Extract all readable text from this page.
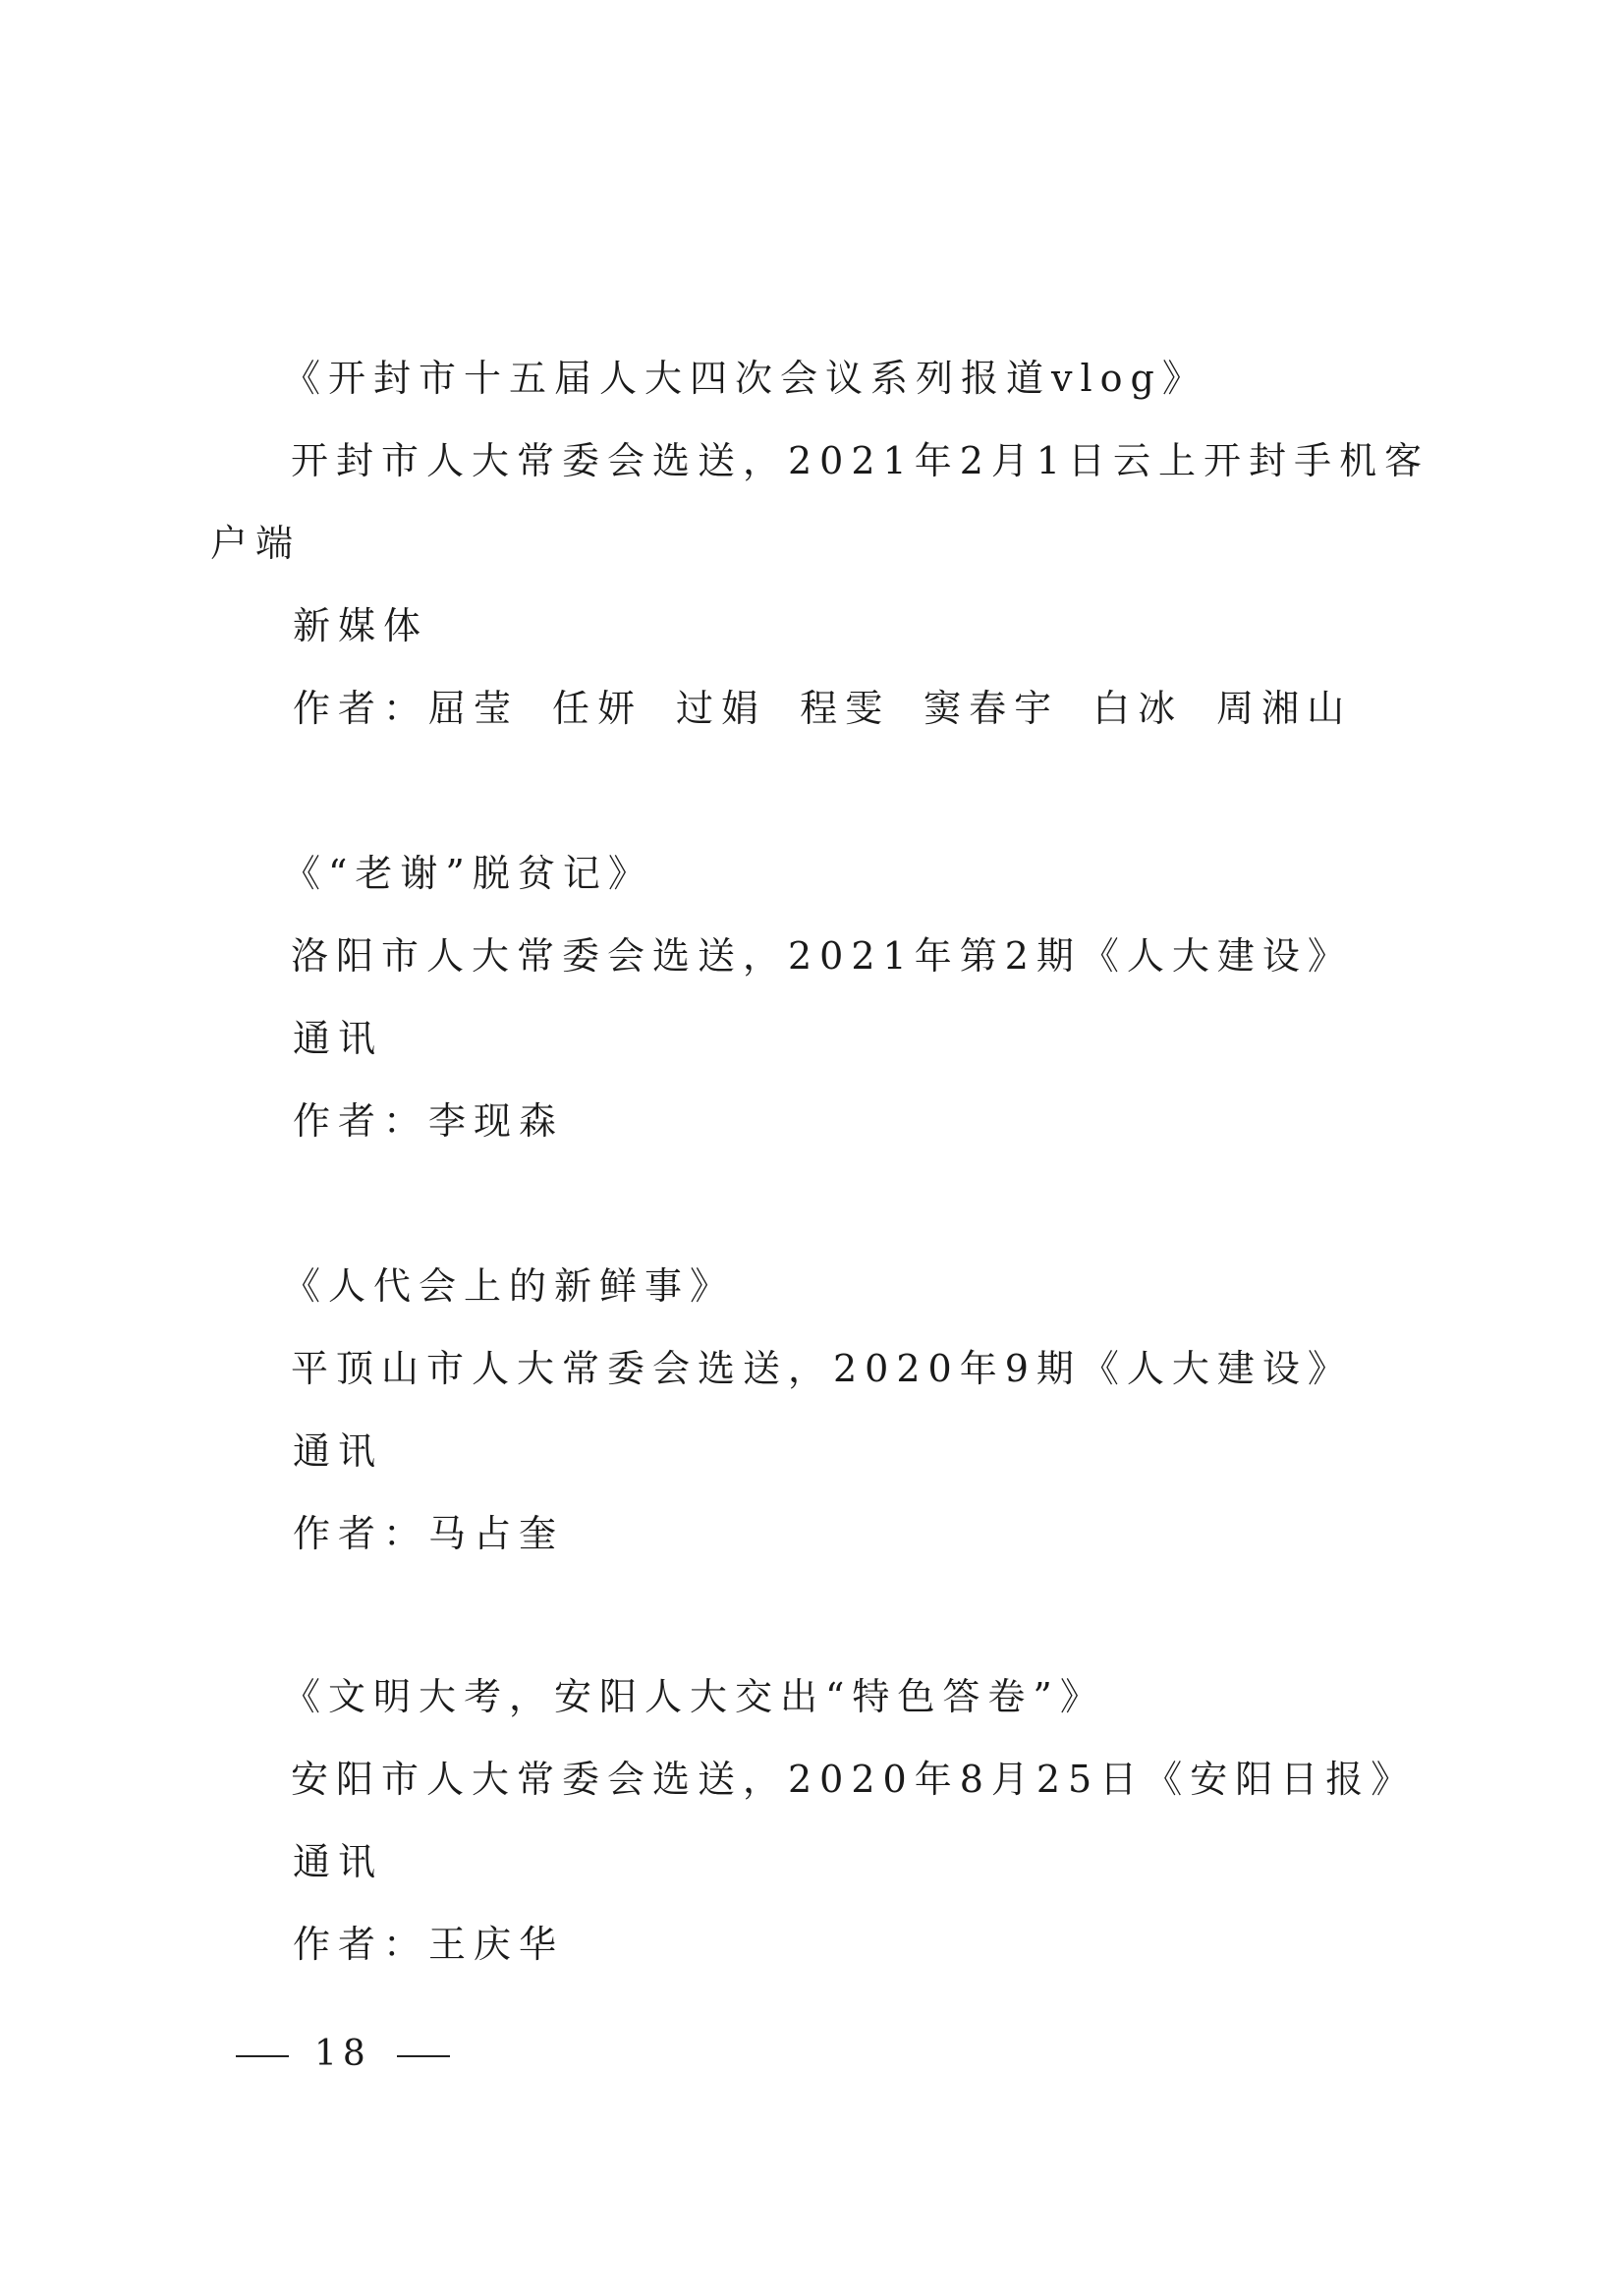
《开封市十五届人大四次会议系列报道vlog》
开封市人大常委会选送，2021年2月1日云上开封手机客
户端
新媒体
作者：屈莹 任妍 过娟 程雯 窦春宇 白冰 周湘山
《“老谢”脱贫记》
洛阳市人大常委会选送，2021年第2期《人大建设》
通讯
作者：李现森
《人代会上的新鲜事》
平顶山市人大常委会选送，2020年9期《人大建设》
通讯
作者：马占奎
《文明大考，安阳人大交出“特色答卷”》
安阳市人大常委会选送，2020年8月25日《安阳日报》
通讯
作者：王庆华
18
